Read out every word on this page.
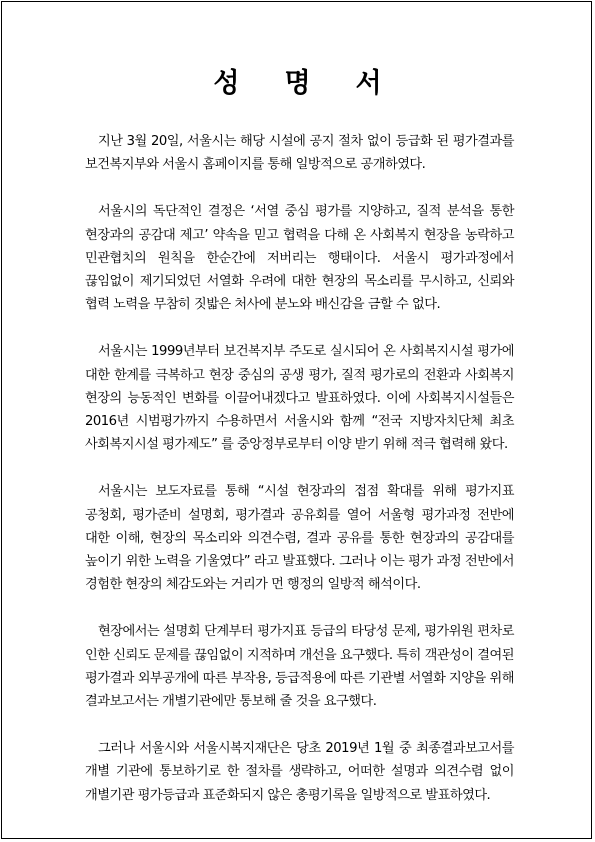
성명서

지난 3월 20일, 서울시는 해당 시설에 공지 절차 없이 등급화 된 평가결과를 보건복지부와 서울시 홈페이지를 통해 일방적으로 공개하였다.

서울시의 독단적인 결정은 ‘서열 중심 평가를 지양하고, 질적 분석을 통한 현장과의 공감대 제고’ 약속을 믿고 협력을 다해 온 사회복지 현장을 농락하고 민관협치의 원칙을 한순간에 저버리는 행태이다. 서울시 평가과정에서 끊임없이 제기되었던 서열화 우려에 대한 현장의 목소리를 무시하고, 신뢰와 협력 노력을 무참히 짓밟은 처사에 분노와 배신감을 금할 수 없다.

서울시는 1999년부터 보건복지부 주도로 실시되어 온 사회복지시설 평가에 대한 한계를 극복하고 현장 중심의 공생 평가, 질적 평가로의 전환과 사회복지 현장의 능동적인 변화를 이끌어내겠다고 발표하였다. 이에 사회복지시설들은 2016년 시범평가까지 수용하면서 서울시와 함께 “전국 지방자치단체 최초 사회복지시설 평가제도” 를 중앙정부로부터 이양 받기 위해 적극 협력해 왔다.

서울시는 보도자료를 통해 “시설 현장과의 접점 확대를 위해 평가지표 공청회, 평가준비 설명회, 평가결과 공유회를 열어 서울형 평가과정 전반에 대한 이해, 현장의 목소리와 의견수렴, 결과 공유를 통한 현장과의 공감대를 높이기 위한 노력을 기울였다” 라고 발표했다. 그러나 이는 평가 과정 전반에서 경험한 현장의 체감도와는 거리가 먼 행정의 일방적 해석이다.

현장에서는 설명회 단계부터 평가지표 등급의 타당성 문제, 평가위원 편차로 인한 신뢰도 문제를 끊임없이 지적하며 개선을 요구했다. 특히 객관성이 결여된 평가결과 외부공개에 따른 부작용, 등급적용에 따른 기관별 서열화 지양을 위해 결과보고서는 개별기관에만 통보해 줄 것을 요구했다.

그러나 서울시와 서울시복지재단은 당초 2019년 1월 중 최종결과보고서를 개별 기관에 통보하기로 한 절차를 생략하고, 어떠한 설명과 의견수렴 없이 개별기관 평가등급과 표준화되지 않은 총평기록을 일방적으로 발표하였다.
